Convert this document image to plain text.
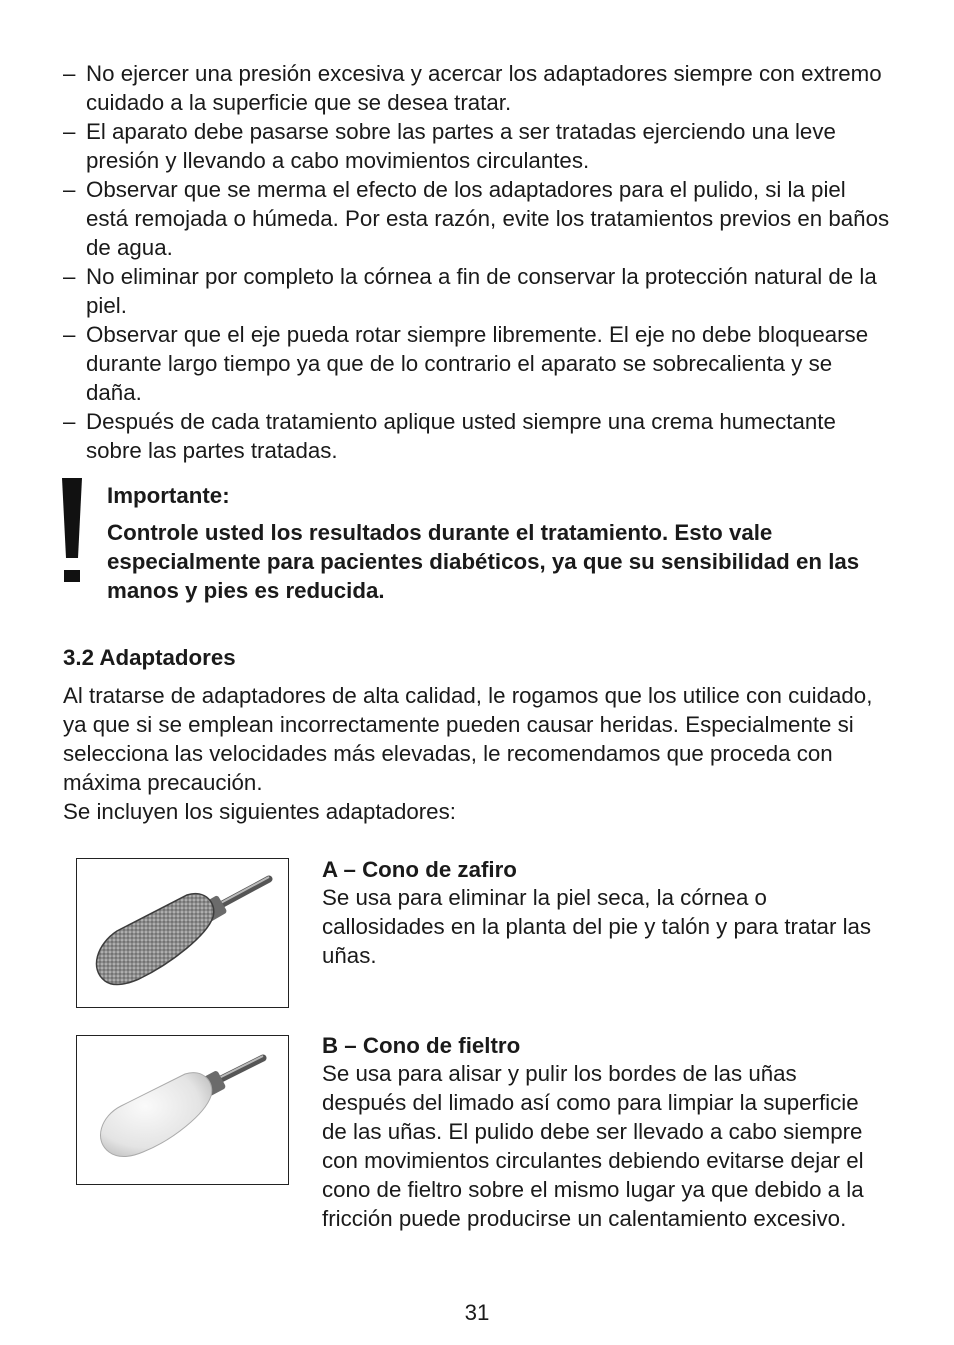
– No ejercer una presión excesiva y acercar los adaptadores siempre con extremo cuidado a la superficie que se desea tratar.
– El aparato debe pasarse sobre las partes a ser tratadas ejerciendo una leve presión y llevando a cabo movimientos circulantes.
– Observar que se merma el efecto de los adaptadores para el pulido, si la piel está remojada o húmeda. Por esta razón, evite los tratamientos previos en baños de agua.
– No eliminar por completo la córnea a fin de conservar la protección natural de la piel.
– Observar que el eje pueda rotar siempre libremente. El eje no debe bloquearse durante largo tiempo ya que de lo contrario el aparato se sobrecalienta y se daña.
– Después de cada tratamiento aplique usted siempre una crema humectante sobre las partes tratadas.
Importante:

Controle usted los resultados durante el tratamiento. Esto vale especialmente para pacientes diabéticos, ya que su sensibilidad en las manos y pies es reducida.

3.2 Adaptadores

Al tratarse de adaptadores de alta calidad, le rogamos que los utilice con cuidado, ya que si se emplean incorrectamente pueden causar heridas. Especialmente si selecciona las velocidades más elevadas, le recomendamos que proceda con máxima precaución.
Se incluyen los siguientes adaptadores:

A – Cono de zafiro

Se usa para eliminar la piel seca, la córnea o callosidades en la planta del pie y talón y para tratar las uñas.

B – Cono de fieltro

Se usa para alisar y pulir los bordes de las uñas después del limado así como para limpiar la superficie de las uñas. El pulido debe ser llevado a cabo siempre con movimientos circulantes debiendo evitarse dejar el cono de fieltro sobre el mismo lugar ya que debido a la fricción puede producirse un calentamiento excesivo.

31
